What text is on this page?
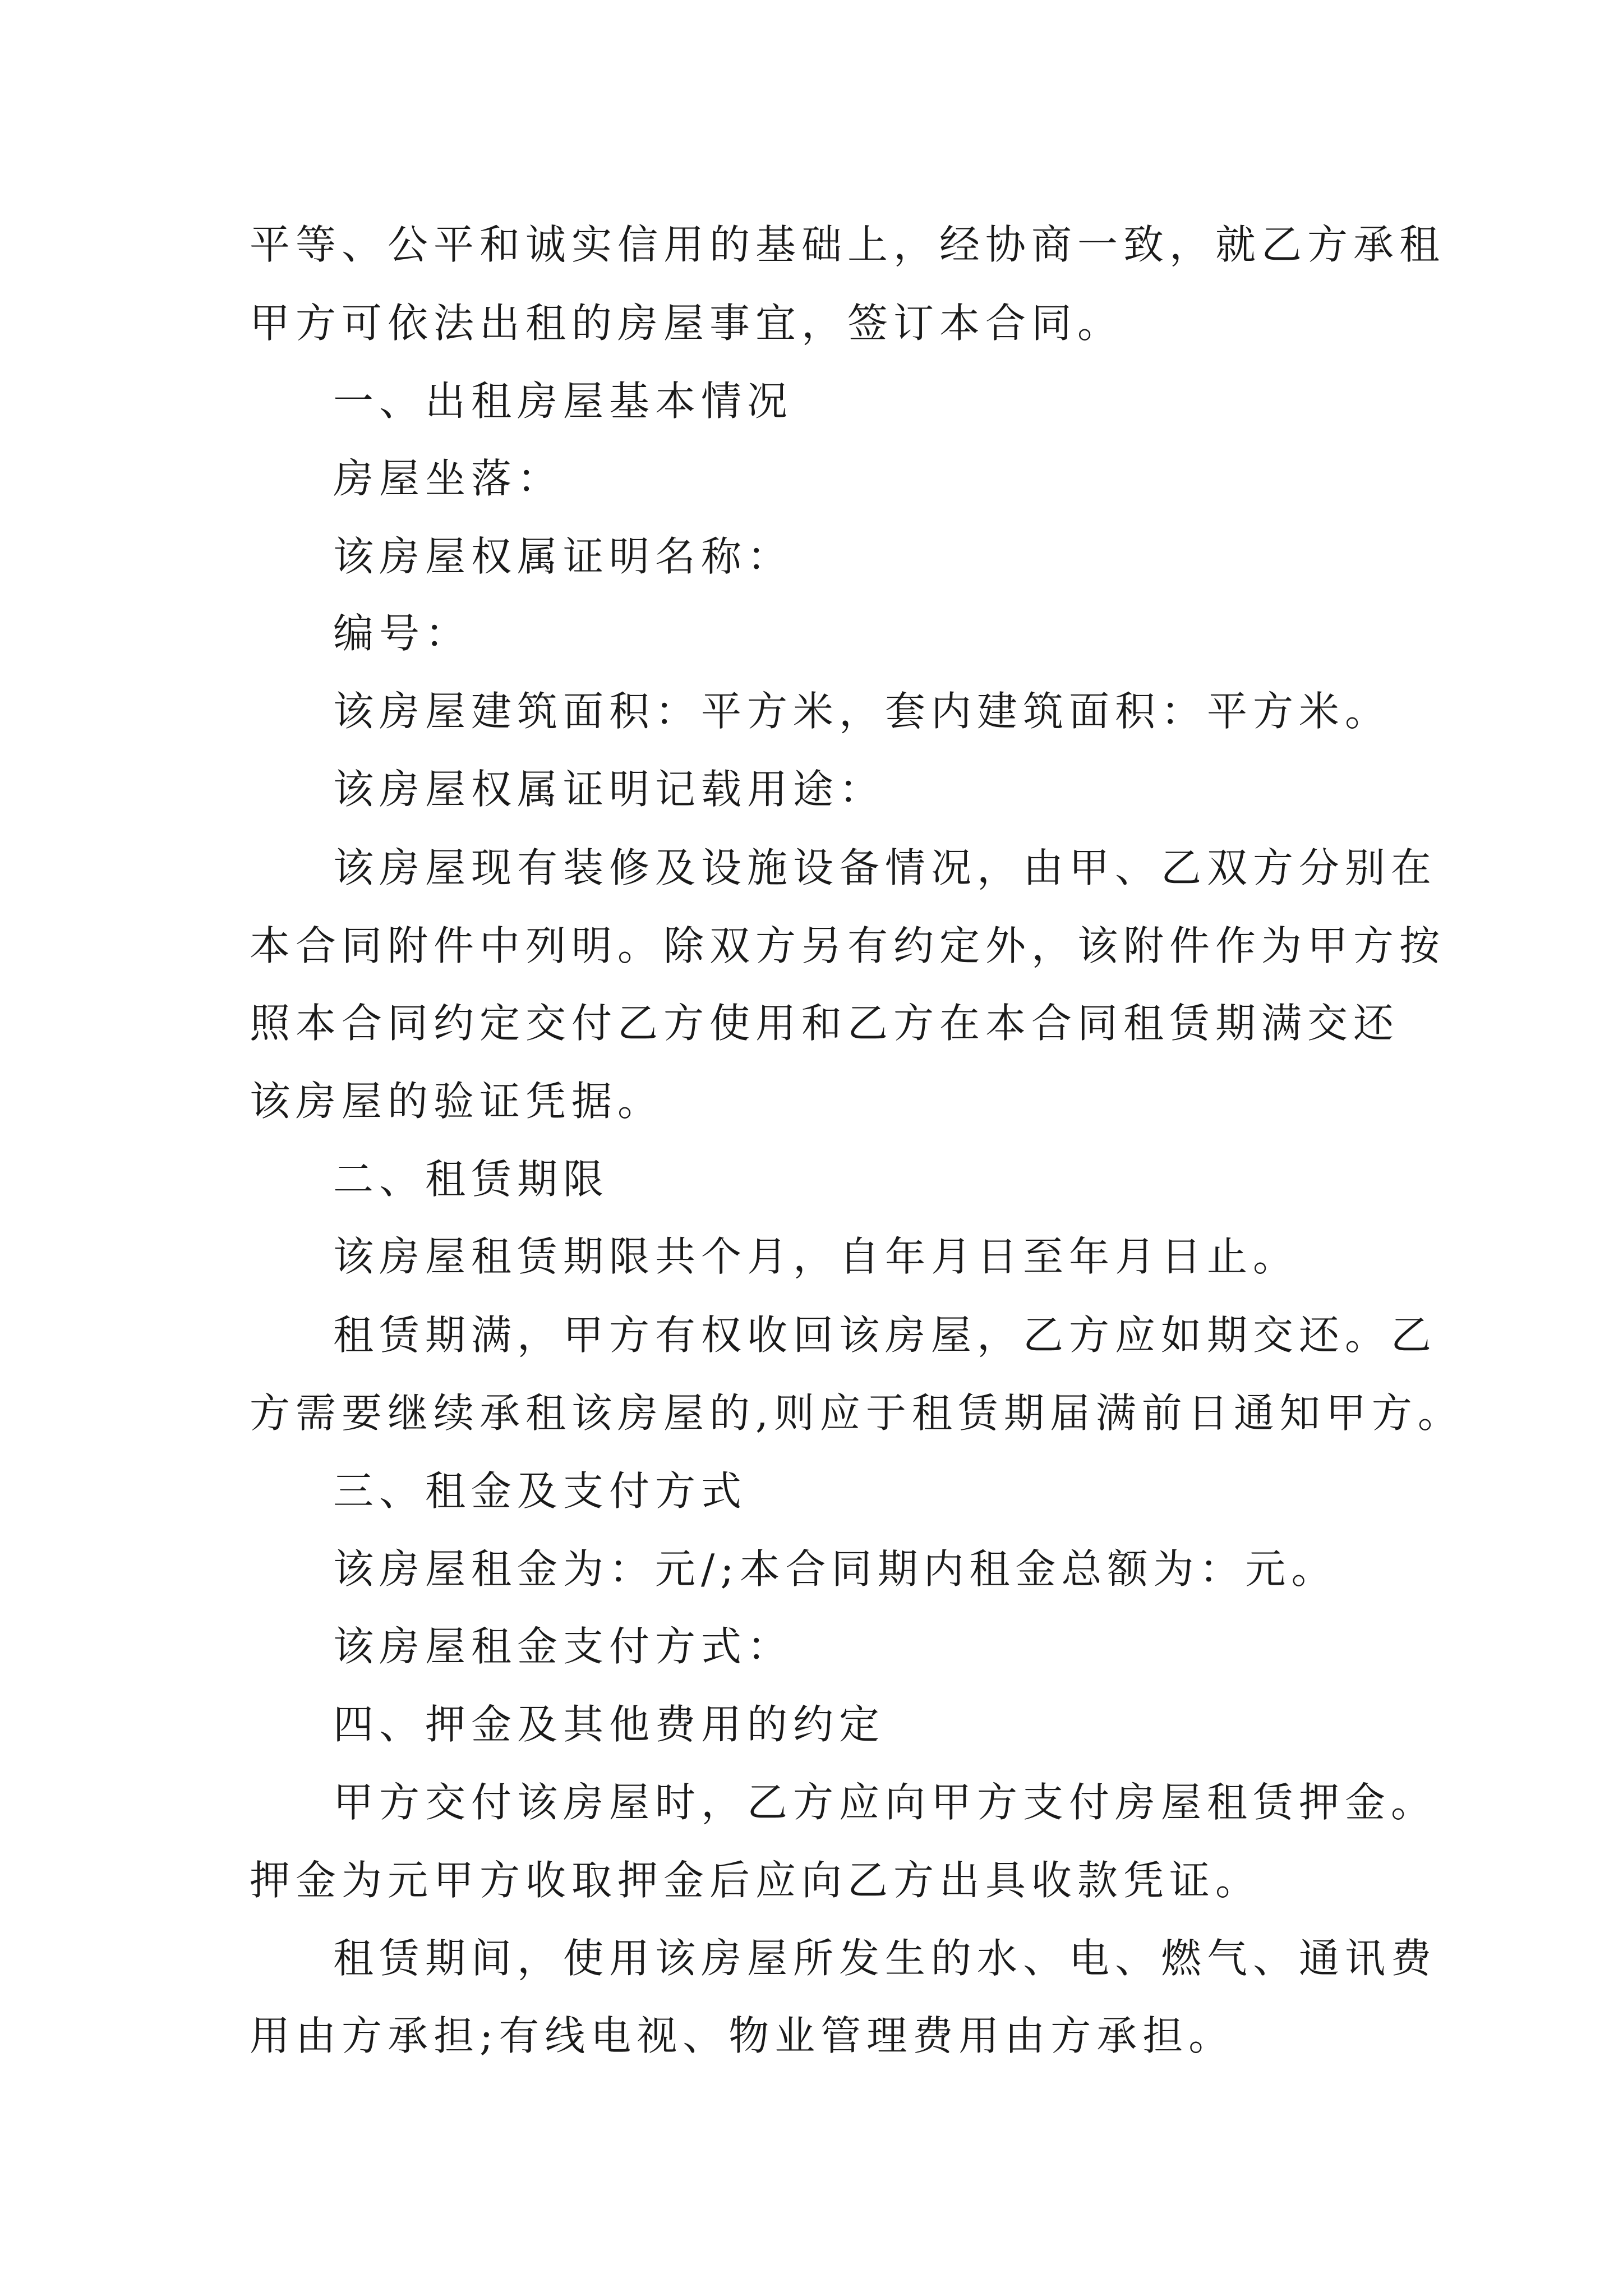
平等、公平和诚实信用的基础上，经协商一致，就乙方承租
甲方可依法出租的房屋事宜，签订本合同。
一、出租房屋基本情况
房屋坐落：
该房屋权属证明名称：
编号：
该房屋建筑面积：平方米，套内建筑面积：平方米。
该房屋权属证明记载用途：
该房屋现有装修及设施设备情况，由甲、乙双方分别在
本合同附件中列明。除双方另有约定外，该附件作为甲方按
照本合同约定交付乙方使用和乙方在本合同租赁期满交还
该房屋的验证凭据。
二、租赁期限
该房屋租赁期限共个月，自年月日至年月日止。
租赁期满，甲方有权收回该房屋，乙方应如期交还。乙
方需要继续承租该房屋的,则应于租赁期届满前日通知甲方。
三、租金及支付方式
该房屋租金为：元/;本合同期内租金总额为：元。
该房屋租金支付方式：
四、押金及其他费用的约定
甲方交付该房屋时，乙方应向甲方支付房屋租赁押金。
押金为元甲方收取押金后应向乙方出具收款凭证。
租赁期间，使用该房屋所发生的水、电、燃气、通讯费
用由方承担;有线电视、物业管理费用由方承担。
